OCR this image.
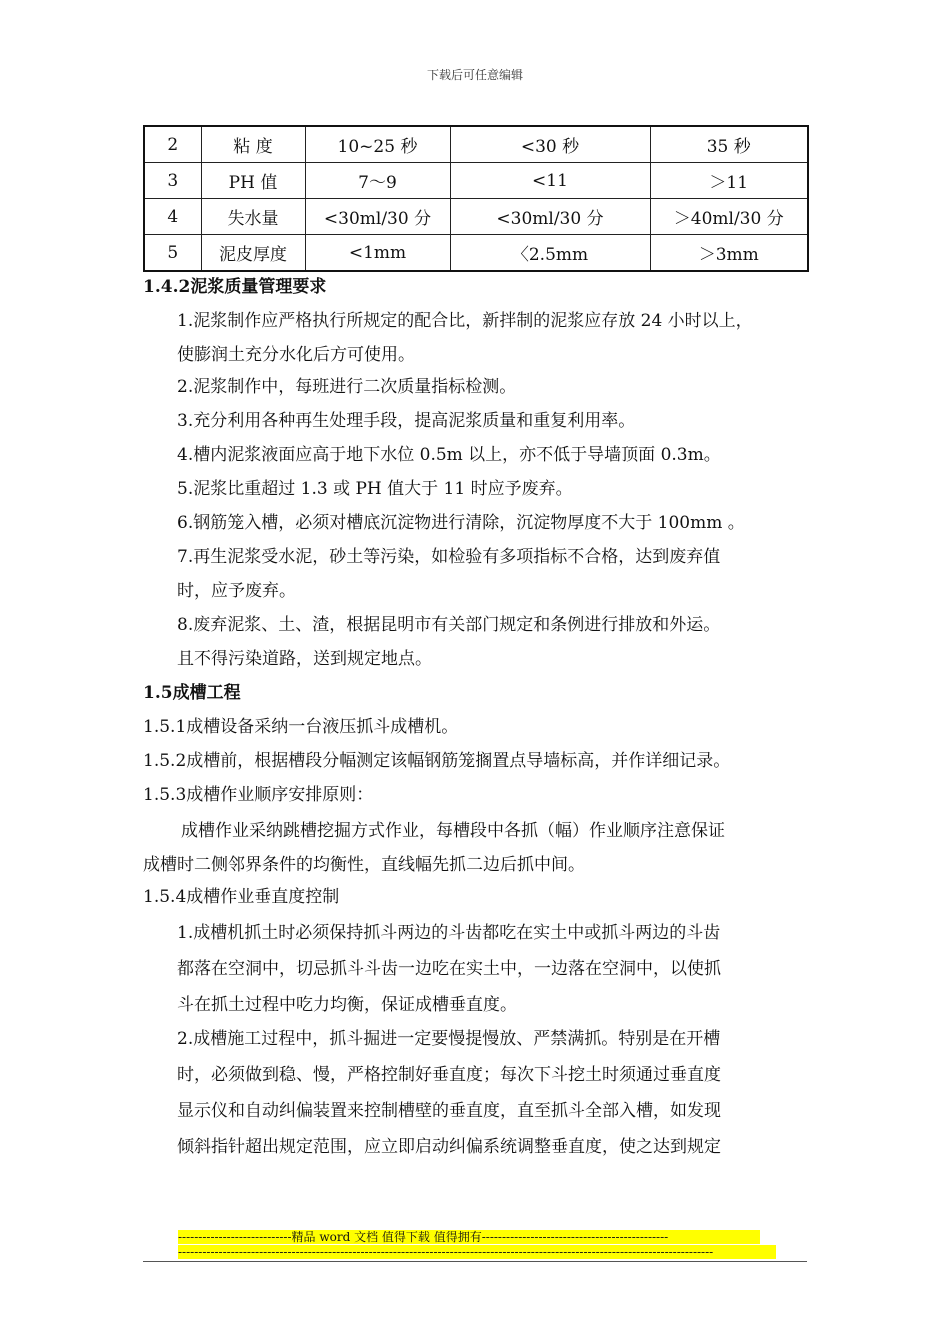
下载后可任意编辑
2	粘 度	10~25 秒	<30 秒	35 秒
3	PH 值	7～9	<11	＞11
4	失水量	<30ml/30 分	<30ml/30 分	＞40ml/30 分
5	泥皮厚度	<1mm	〈2.5mm	＞3mm
1.4.2泥浆质量管理要求
1.泥浆制作应严格执行所规定的配合比，新拌制的泥浆应存放 24 小时以上，
使膨润土充分水化后方可使用。
2.泥浆制作中，每班进行二次质量指标检测。
3.充分利用各种再生处理手段，提高泥浆质量和重复利用率。
4.槽内泥浆液面应高于地下水位 0.5m 以上，亦不低于导墙顶面 0.3m。
5.泥浆比重超过 1.3 或 PH 值大于 11 时应予废弃。
6.钢筋笼入槽，必须对槽底沉淀物进行清除，沉淀物厚度不大于 100mm 。
7.再生泥浆受水泥，砂土等污染，如检验有多项指标不合格，达到废弃值
时，应予废弃。
8.废弃泥浆、土、渣，根据昆明市有关部门规定和条例进行排放和外运。
且不得污染道路，送到规定地点。
1.5成槽工程
1.5.1成槽设备采纳一台液压抓斗成槽机。
1.5.2成槽前，根据槽段分幅测定该幅钢筋笼搁置点导墙标高，并作详细记录。
1.5.3成槽作业顺序安排原则：
成槽作业采纳跳槽挖掘方式作业，每槽段中各抓（幅）作业顺序注意保证
成槽时二侧邻界条件的均衡性，直线幅先抓二边后抓中间。
1.5.4成槽作业垂直度控制
1.成槽机抓土时必须保持抓斗两边的斗齿都吃在实土中或抓斗两边的斗齿
都落在空洞中，切忌抓斗斗齿一边吃在实土中，一边落在空洞中，以使抓
斗在抓土过程中吃力均衡，保证成槽垂直度。
2.成槽施工过程中，抓斗掘进一定要慢提慢放、严禁满抓。特别是在开槽
时，必须做到稳、慢，严格控制好垂直度；每次下斗挖土时须通过垂直度
显示仪和自动纠偏装置来控制槽壁的垂直度，直至抓斗全部入槽，如发现
倾斜指针超出规定范围，应立即启动纠偏系统调整垂直度，使之达到规定
----------------------------精品 word 文档 值得下载 值得拥有----------------------------------------------
------------------------------------------------------------------------------------------------------------------------------------
